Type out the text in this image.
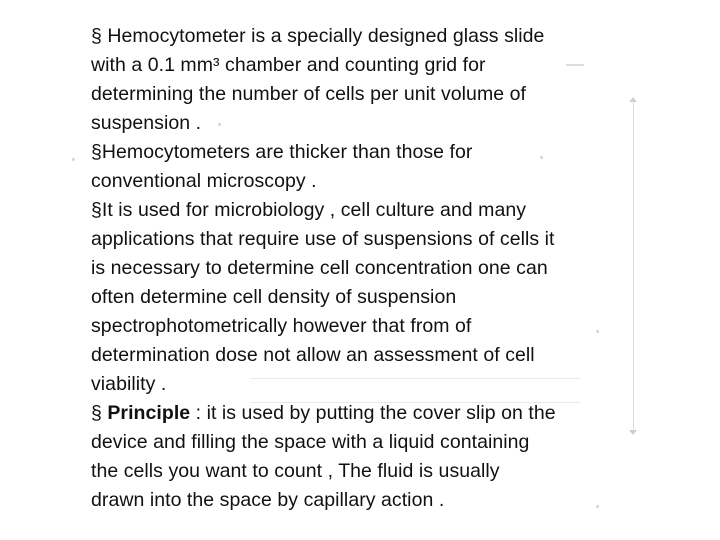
§ Hemocytometer is a specially designed glass slide
with a 0.1 mm³ chamber and counting grid for
determining the number of cells per unit volume of
suspension .
§Hemocytometers are thicker than those for
conventional microscopy .
§It is used for microbiology , cell culture and many
applications that require use of suspensions of cells it
is necessary to determine cell concentration one can
often determine cell density of suspension
spectrophotometrically however that from of
determination dose not allow an assessment of cell
viability .
§ Principle : it is used by putting the cover slip on the
device and filling the space with a liquid containing
the cells you want to count , The fluid is usually
drawn into the space by capillary action .
